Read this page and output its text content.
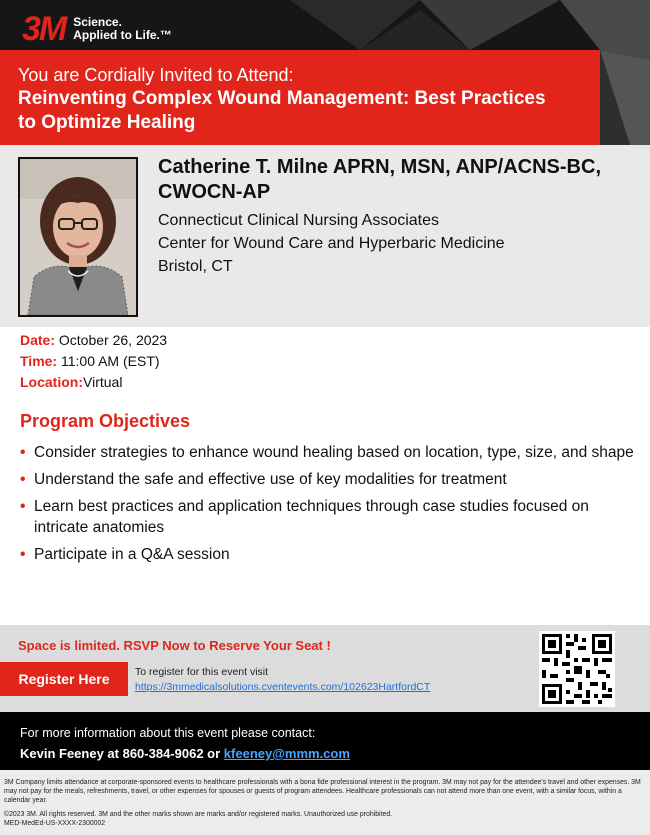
3M Science.
Applied to Life.™
You are Cordially Invited to Attend:
Reinventing Complex Wound Management: Best Practices
to Optimize Healing
Catherine T. Milne APRN, MSN, ANP/ACNS-BC,
CWOCN-AP
Connecticut Clinical Nursing Associates
Center for Wound Care and Hyperbaric Medicine
Bristol, CT
Date: October 26, 2023
Time: 11:00 AM (EST)
Location:Virtual
Program Objectives
• Consider strategies to enhance wound healing based on location, type, size, and shape
• Understand the safe and effective use of key modalities for treatment
• Learn best practices and application techniques through case studies focused on intricate anatomies
• Participate in a Q&A session
Space is limited. RSVP Now to Reserve Your Seat !
Register Here	To register for this event visit
https://3mmedicalsolutions.cventevents.com/102623HartfordCT
For more information about this event please contact:
Kevin Feeney at 860-384-9062 or kfeeney@mmm.com

3M Company limits attendance at corporate-sponsored events to healthcare professionals with a bona fide professional interest in the program. 3M may not pay for the attendee's travel and other expenses. 3M may not pay for the meals, refreshments, travel, or other expenses for spouses or guests of program attendees. Healthcare professionals can not attend more than one event, with a similar focus, within a calendar year.

©2023 3M. All rights reserved. 3M and the other marks shown are marks and/or registered marks. Unauthorized use prohibited.

MED-MedEd-US-XXXX-2300002
